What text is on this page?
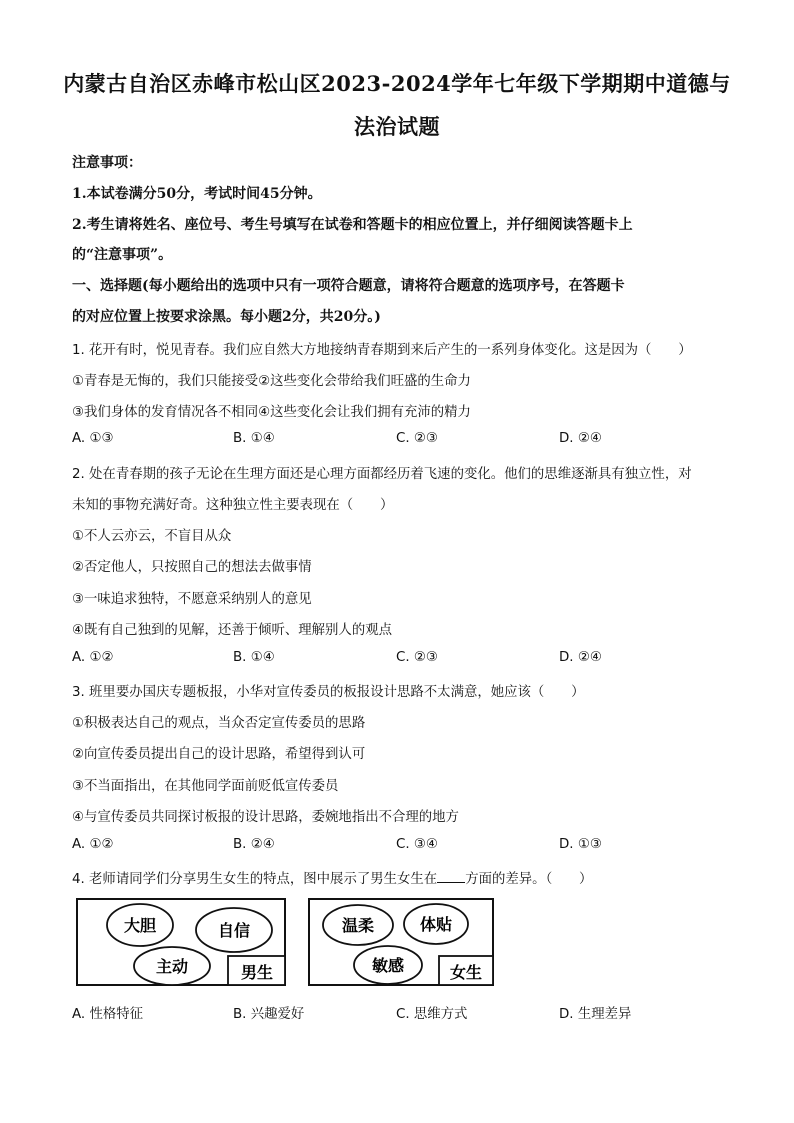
内蒙古自治区赤峰市松山区2023-2024学年七年级下学期期中道德与
法治试题
注意事项：
1.本试卷满分50分，考试时间45分钟。
2.考生请将姓名、座位号、考生号填写在试卷和答题卡的相应位置上，并仔细阅读答题卡上
的“注意事项”。
一、选择题(每小题给出的选项中只有一项符合题意，请将符合题意的选项序号，在答题卡
的对应位置上按要求涂黑。每小题2分，共20分。)
1. 花开有时，悦见青春。我们应自然大方地接纳青春期到来后产生的一系列身体变化。这是因为（　　）
①青春是无悔的，我们只能接受②这些变化会带给我们旺盛的生命力
③我们身体的发育情况各不相同④这些变化会让我们拥有充沛的精力
A. ①③	B. ①④	C. ②③	D. ②④
2. 处在青春期的孩子无论在生理方面还是心理方面都经历着飞速的变化。他们的思维逐渐具有独立性，对
未知的事物充满好奇。这种独立性主要表现在（　　）
①不人云亦云，不盲目从众
②否定他人，只按照自己的想法去做事情
③一味追求独特，不愿意采纳别人的意见
④既有自己独到的见解，还善于倾听、理解别人的观点
A. ①②	B. ①④	C. ②③	D. ②④
3. 班里要办国庆专题板报，小华对宣传委员的板报设计思路不太满意，她应该（　　）
①积极表达自己的观点，当众否定宣传委员的思路
②向宣传委员提出自己的设计思路，希望得到认可
③不当面指出，在其他同学面前贬低宣传委员
④与宣传委员共同探讨板报的设计思路，委婉地指出不合理的地方
A. ①②	B. ②④	C. ③④	D. ①③
4. 老师请同学们分享男生女生的特点，图中展示了男生女生在 方面的差异。（　　）
大胆	自信
主动	男生
温柔	体贴
敏感	女生
A. 性格特征	B. 兴趣爱好	C. 思维方式	D. 生理差异
